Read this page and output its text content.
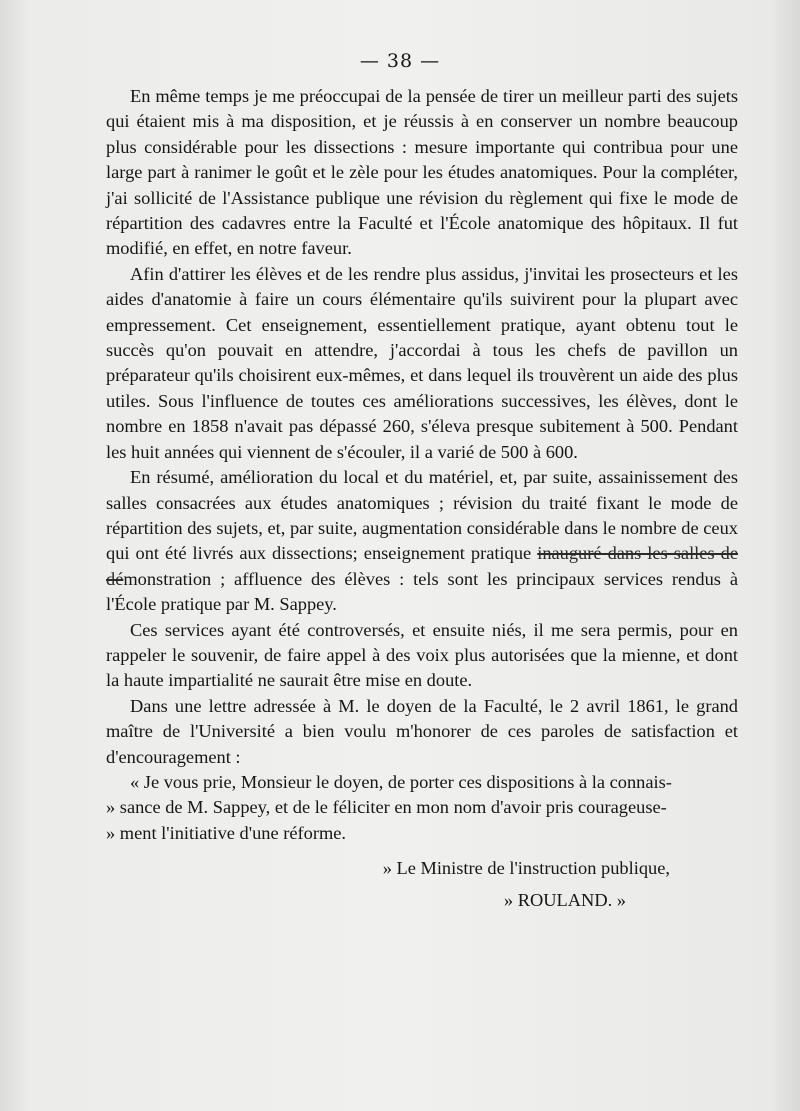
— 38 —

En même temps je me préoccupai de la pensée de tirer un meilleur parti des sujets qui étaient mis à ma disposition, et je réussis à en conserver un nombre beaucoup plus considérable pour les dissections : mesure importante qui contribua pour une large part à ranimer le goût et le zèle pour les études anatomiques. Pour la compléter, j'ai sollicité de l'Assistance publique une révision du règlement qui fixe le mode de répartition des cadavres entre la Faculté et l'École anatomique des hôpitaux. Il fut modifié, en effet, en notre faveur.

Afin d'attirer les élèves et de les rendre plus assidus, j'invitai les prosecteurs et les aides d'anatomie à faire un cours élémentaire qu'ils suivirent pour la plupart avec empressement. Cet enseignement, essentiellement pratique, ayant obtenu tout le succès qu'on pouvait en attendre, j'accordai à tous les chefs de pavillon un préparateur qu'ils choisirent eux-mêmes, et dans lequel ils trouvèrent un aide des plus utiles. Sous l'influence de toutes ces améliorations successives, les élèves, dont le nombre en 1858 n'avait pas dépassé 260, s'éleva presque subitement à 500. Pendant les huit années qui viennent de s'écouler, il a varié de 500 à 600.

En résumé, amélioration du local et du matériel, et, par suite, assainissement des salles consacrées aux études anatomiques ; révision du traité fixant le mode de répartition des sujets, et, par suite, augmentation considérable dans le nombre de ceux qui ont été livrés aux dissections; enseignement pratique inauguré dans les salles de démonstration ; affluence des élèves : tels sont les principaux services rendus à l'École pratique par M. Sappey.

Ces services ayant été controversés, et ensuite niés, il me sera permis, pour en rappeler le souvenir, de faire appel à des voix plus autorisées que la mienne, et dont la haute impartialité ne saurait être mise en doute.

Dans une lettre adressée à M. le doyen de la Faculté, le 2 avril 1861, le grand maître de l'Université a bien voulu m'honorer de ces paroles de satisfaction et d'encouragement :

« Je vous prie, Monsieur le doyen, de porter ces dispositions à la connais-

» sance de M. Sappey, et de le féliciter en mon nom d'avoir pris courageuse-

» ment l'initiative d'une réforme.

» Le Ministre de l'instruction publique,

» ROULAND. »
